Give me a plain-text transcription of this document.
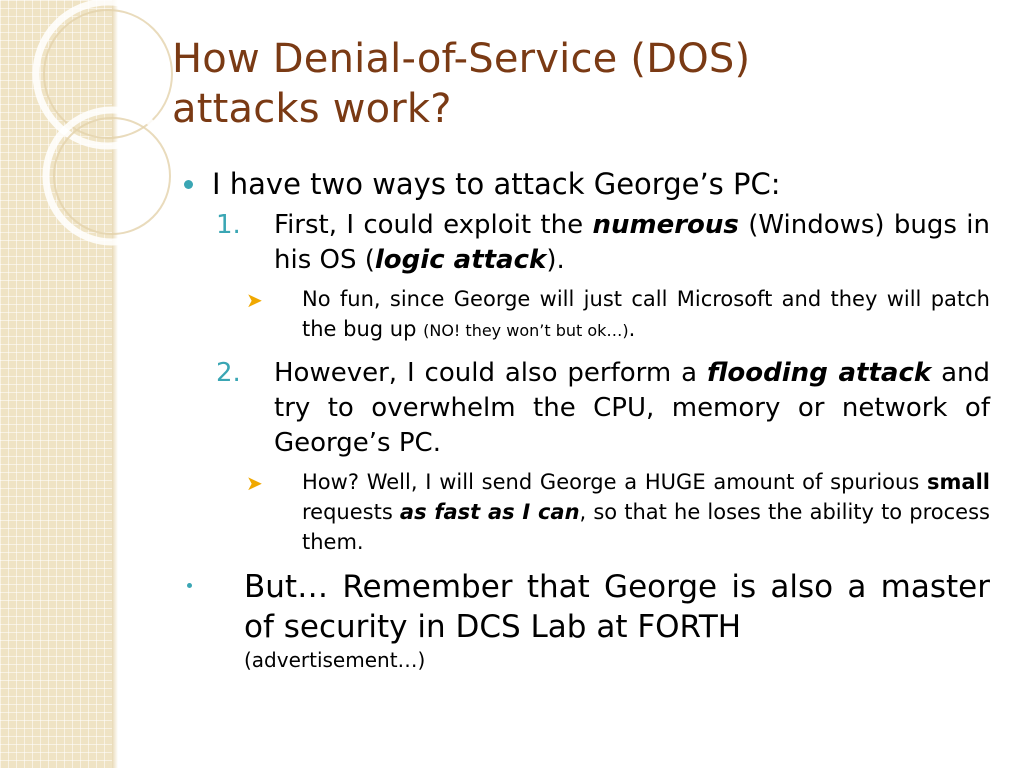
How Denial-of-Service (DOS)
attacks work?
I have two ways to attack George’s PC:
1. First, I could exploit the numerous (Windows) bugs in his OS (logic attack).
➤ No fun, since George will just call Microsoft and they will patch the bug up (NO! they won’t but ok…).
2. However, I could also perform a flooding attack and try to overwhelm the CPU, memory or network of George’s PC.
➤ How? Well, I will send George a HUGE amount of spurious small requests as fast as I can, so that he loses the ability to process them.
But… Remember that George is also a master of security in DCS Lab at FORTH
(advertisement…)
